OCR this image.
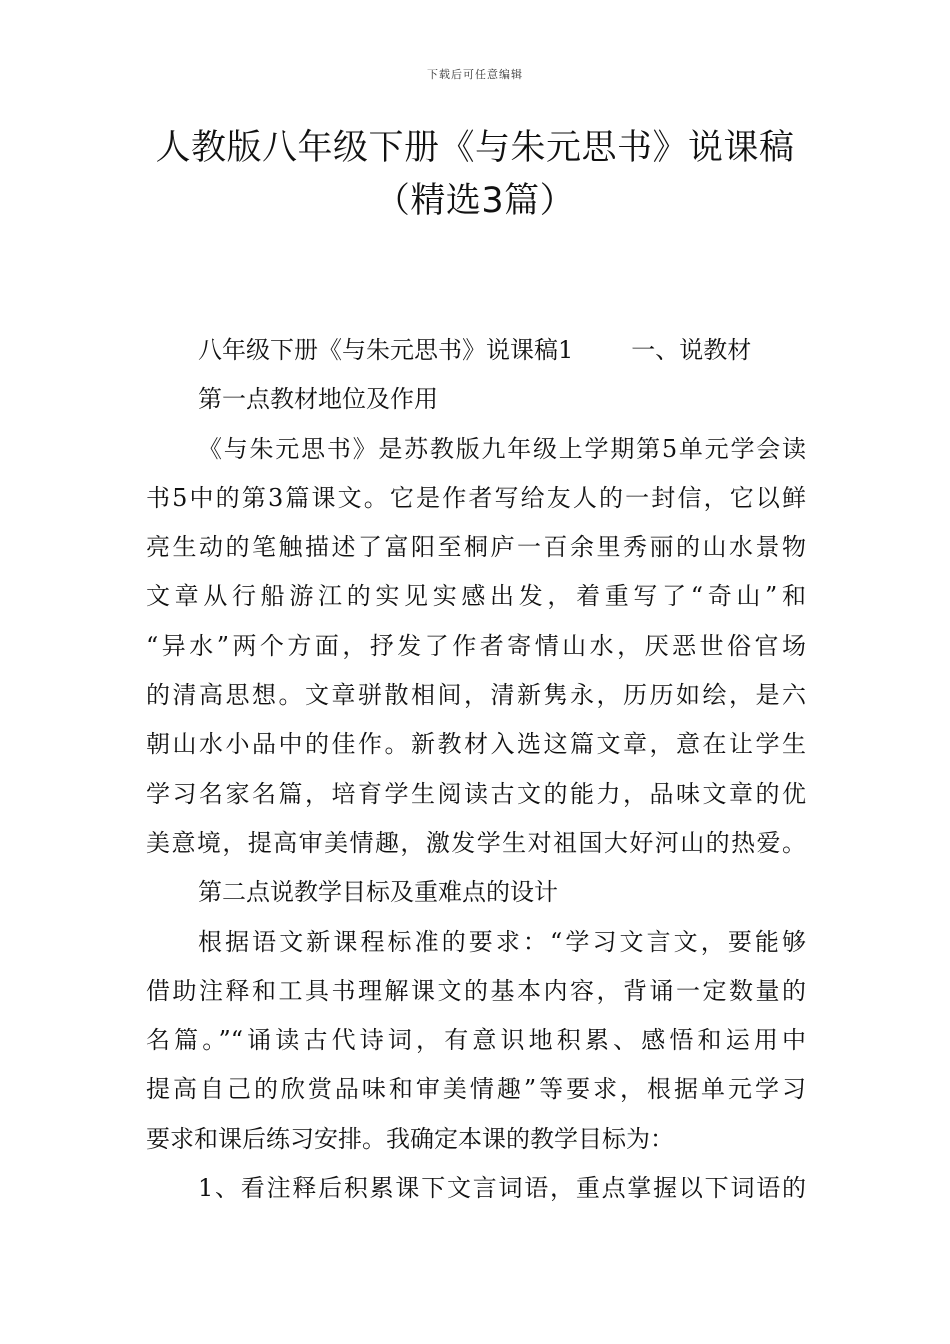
下载后可任意编辑
人教版八年级下册《与朱元思书》说课稿
（精选3篇）
八年级下册《与朱元思书》说课稿1 一、说教材
第一点教材地位及作用
《与朱元思书》是苏教版九年级上学期第5单元学会读
书5中的第3篇课文。它是作者写给友人的一封信，它以鲜
亮生动的笔触描述了富阳至桐庐一百余里秀丽的山水景物
文章从行船游江的实见实感出发，着重写了“奇山”和
“异水”两个方面，抒发了作者寄情山水，厌恶世俗官场
的清高思想。文章骈散相间，清新隽永，历历如绘，是六
朝山水小品中的佳作。新教材入选这篇文章，意在让学生
学习名家名篇，培育学生阅读古文的能力，品味文章的优
美意境，提高审美情趣，激发学生对祖国大好河山的热爱。
第二点说教学目标及重难点的设计
根据语文新课程标准的要求：“学习文言文，要能够
借助注释和工具书理解课文的基本内容，背诵一定数量的
名篇。”“诵读古代诗词，有意识地积累、感悟和运用中
提高自己的欣赏品味和审美情趣”等要求，根据单元学习
要求和课后练习安排。我确定本课的教学目标为：
1、看注释后积累课下文言词语，重点掌握以下词语的
